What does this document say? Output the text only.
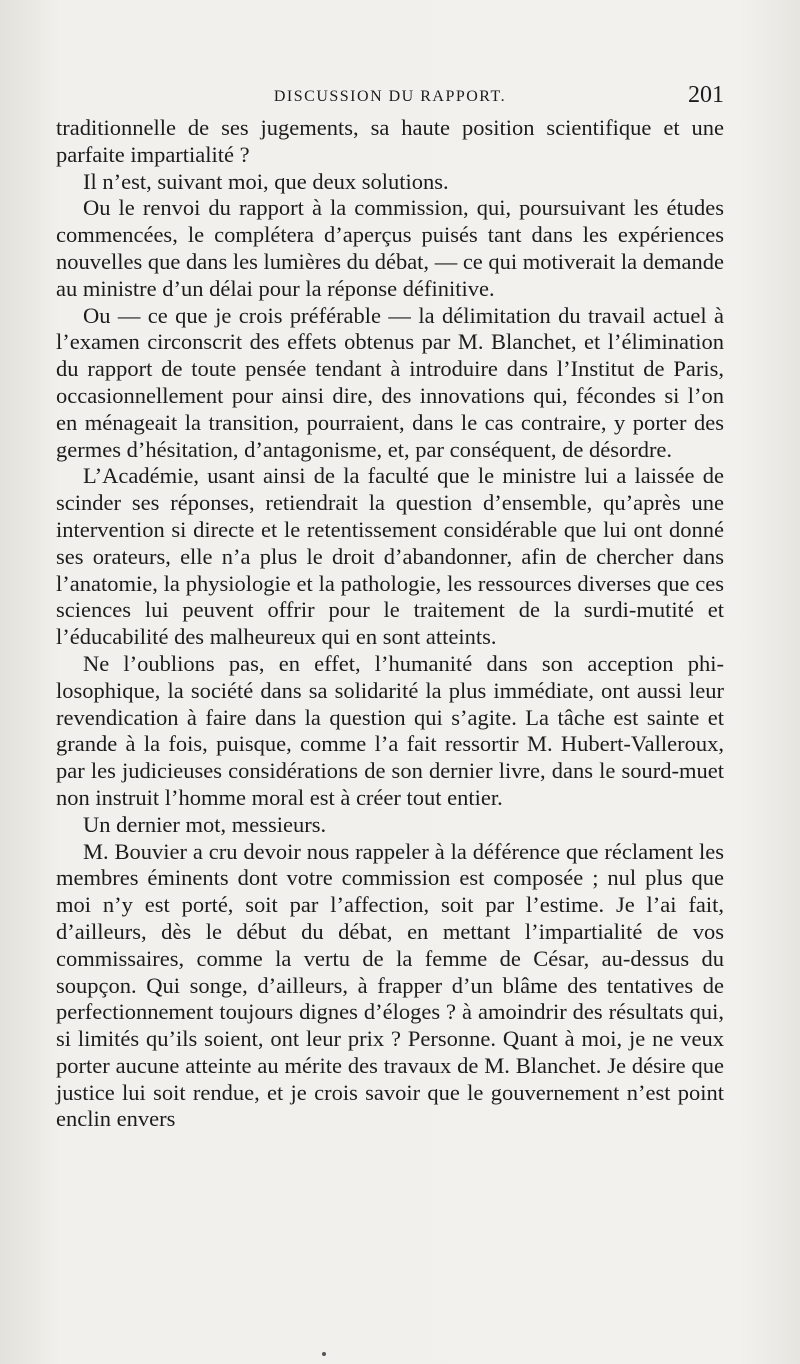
DISCUSSION DU RAPPORT.	201

traditionnelle de ses jugements, sa haute position scientifique et une parfaite impartialité ?

Il n’est, suivant moi, que deux solutions.

Ou le renvoi du rapport à la commission, qui, poursuivant les études commencées, le complétera d’aperçus puisés tant dans les expériences nouvelles que dans les lumières du débat, — ce qui motiverait la demande au ministre d’un délai pour la réponse définitive.

Ou — ce que je crois préférable — la délimitation du travail actuel à l’examen circonscrit des effets obtenus par M. Blanchet, et l’élimination du rapport de toute pensée tendant à introduire dans l’Institut de Paris, occasionnellement pour ainsi dire, des innovations qui, fécondes si l’on en ménageait la transition, pourraient, dans le cas contraire, y porter des germes d’hésitation, d’antagonisme, et, par conséquent, de désordre.

L’Académie, usant ainsi de la faculté que le ministre lui a laissée de scinder ses réponses, retiendrait la question d’ensemble, qu’après une intervention si directe et le retentissement considérable que lui ont donné ses orateurs, elle n’a plus le droit d’abandonner, afin de chercher dans l’anatomie, la physiologie et la pathologie, les ressources diverses que ces sciences lui peuvent offrir pour le traitement de la surdi-mutité et l’éducabilité des malheureux qui en sont atteints.

Ne l’oublions pas, en effet, l’humanité dans son acception philosophique, la société dans sa solidarité la plus immédiate, ont aussi leur revendication à faire dans la question qui s’agite. La tâche est sainte et grande à la fois, puisque, comme l’a fait ressortir M. Hubert-Valleroux, par les judicieuses considérations de son dernier livre, dans le sourd-muet non instruit l’homme moral est à créer tout entier.

Un dernier mot, messieurs.

M. Bouvier a cru devoir nous rappeler à la déférence que réclament les membres éminents dont votre commission est composée ; nul plus que moi n’y est porté, soit par l’affection, soit par l’estime. Je l’ai fait, d’ailleurs, dès le début du débat, en mettant l’impartialité de vos commissaires, comme la vertu de la femme de César, au-dessus du soupçon. Qui songe, d’ailleurs, à frapper d’un blâme des tentatives de perfectionnement toujours dignes d’éloges ? à amoindrir des résultats qui, si limités qu’ils soient, ont leur prix ? Personne. Quant à moi, je ne veux porter aucune atteinte au mérite des travaux de M. Blanchet. Je désire que justice lui soit rendue, et je crois savoir que le gouvernement n’est point enclin envers
